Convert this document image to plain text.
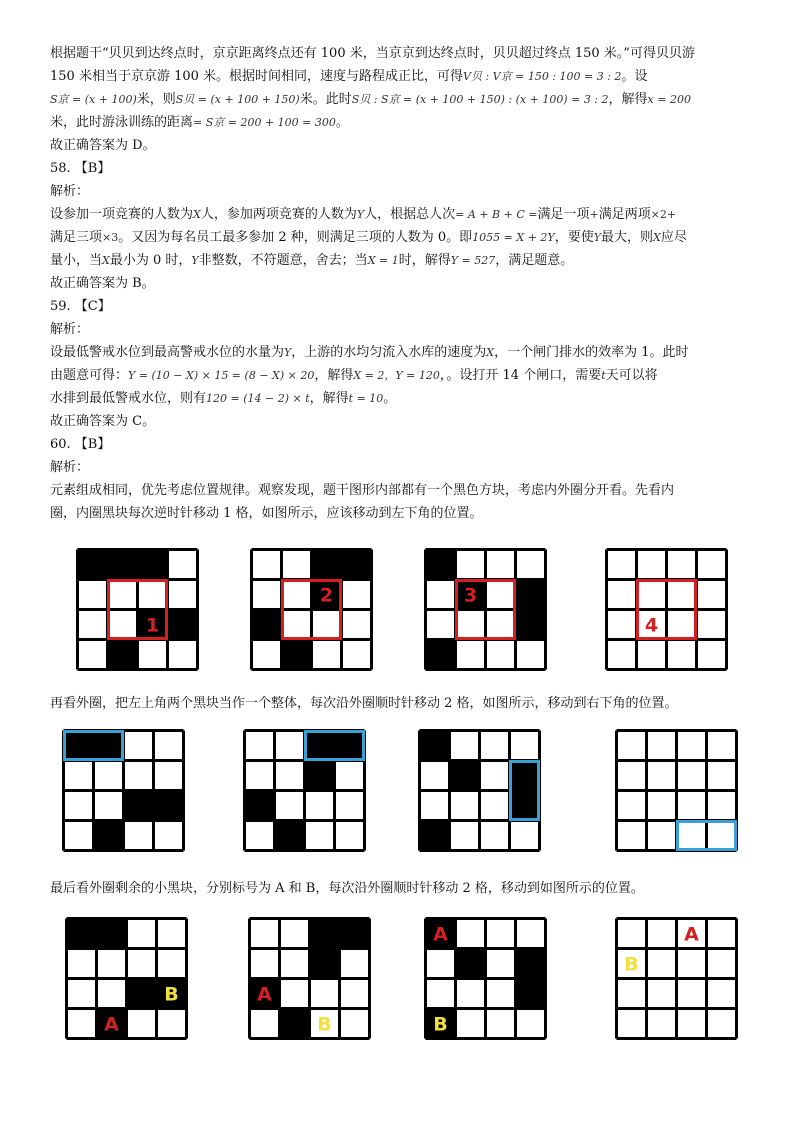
根据题干“贝贝到达终点时，京京距离终点还有 100 米，当京京到达终点时，贝贝超过终点 150 米。”可得贝贝游
150 米相当于京京游 100 米。根据时间相同，速度与路程成正比，可得V贝 : V京 = 150 : 100 = 3 : 2。设
S京 = (x + 100)米，则S贝 = (x + 100 + 150)米。此时S贝 : S京 = (x + 100 + 150) : (x + 100) = 3 : 2，解得x = 200
米，此时游泳训练的距离= S京 = 200 + 100 = 300。
故正确答案为 D。
58. 【B】
解析：
设参加一项竞赛的人数为X人，参加两项竞赛的人数为Y人，根据总人次= A + B + C =满足一项+满足两项×2+
满足三项×3。又因为每名员工最多参加 2 种，则满足三项的人数为 0。即1055 = X + 2Y，要使Y最大，则X应尽
量小，当X最小为 0 时，Y非整数，不符题意，舍去；当X = 1时，解得Y = 527，满足题意。
故正确答案为 B。
59. 【C】
解析：
设最低警戒水位到最高警戒水位的水量为Y，上游的水均匀流入水库的速度为X，一个闸门排水的效率为 1。此时
由题意可得：Y = (10 − X) × 15 = (8 − X) × 20，解得X = 2，Y = 120，。设打开 14 个闸口，需要t天可以将
水排到最低警戒水位，则有120 = (14 − 2) × t，解得t = 10。
故正确答案为 C。
60. 【B】
解析：
元素组成相同，优先考虑位置规律。观察发现，题干图形内部都有一个黑色方块，考虑内外圈分开看。先看内
圈，内圈黑块每次逆时针移动 1 格，如图所示，应该移动到左下角的位置。
1
2	3
4
再看外圈，把左上角两个黑块当作一个整体，每次沿外圈顺时针移动 2 格，如图所示，移动到右下角的位置。
最后看外圈剩余的小黑块，分别标号为 A 和 B，每次沿外圈顺时针移动 2 格，移动到如图所示的位置。
A
B	A
B
A
B
A
B
